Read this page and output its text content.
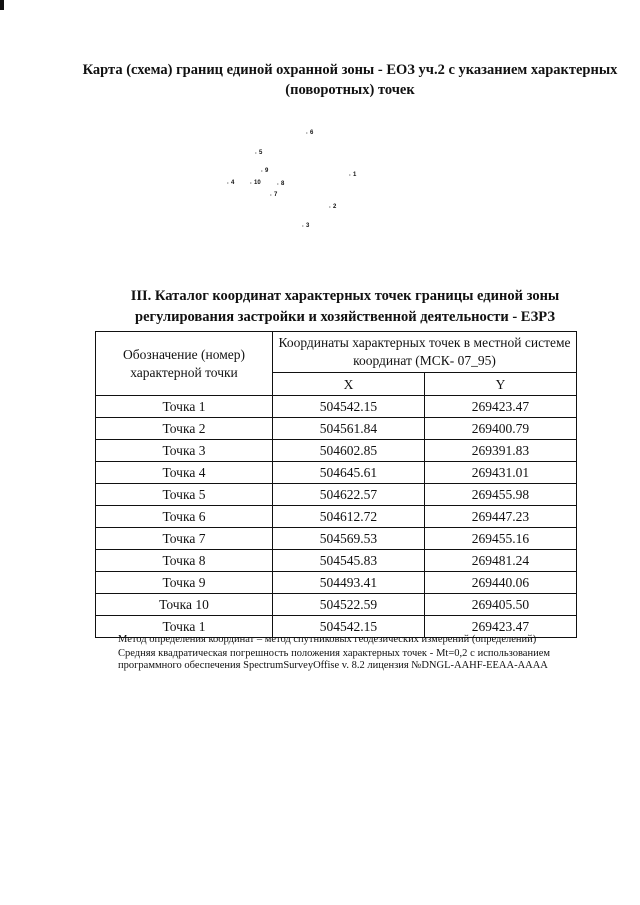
Карта (схема) границ единой охранной зоны - ЕОЗ уч.2 с указанием характерных (поворотных) точек
6
·
5
·
9
·	1
·
4
·	10
·	8
·
7
·
2
·
3
·
III. Каталог координат характерных точек границы единой зоны регулирования застройки и хозяйственной деятельности - ЕЗРЗ
Обозначение (номер) характерной точки	Координаты характерных точек в местной системе координат (МСК- 07_95)	
	X	Y
Точка 1	504542.15	269423.47
Точка 2	504561.84	269400.79
Точка 3	504602.85	269391.83
Точка 4	504645.61	269431.01
Точка 5	504622.57	269455.98
Точка 6	504612.72	269447.23
Точка 7	504569.53	269455.16
Точка 8	504545.83	269481.24
Точка 9	504493.41	269440.06
Точка 10	504522.59	269405.50
Точка 1	504542.15	269423.47

Метод определения координат – метод спутниковых геодезических измерений (определений)

Средняя квадратическая погрешность положения характерных точек - Mt=0,2 с использованием программного обеспечения SpectrumSurveyOffise v. 8.2 лицензия №DNGL-AAHF-EEAA-AAAA
